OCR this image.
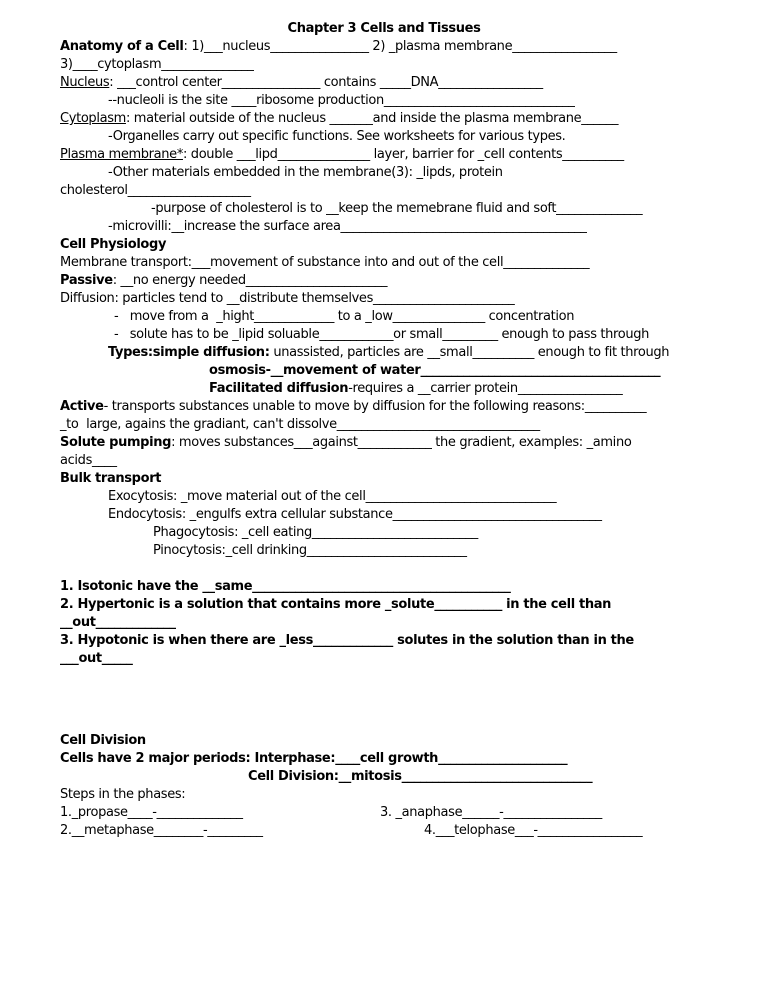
Chapter 3 Cells and Tissues
Anatomy of a Cell: 1)___nucleus________________ 2) _plasma membrane_________________
3)____cytoplasm_______________
Nucleus: ___control center________________ contains _____DNA_________________
--nucleoli is the site ____ribosome production_______________________________
Cytoplasm: material outside of the nucleus _______and inside the plasma membrane______
-Organelles carry out specific functions. See worksheets for various types.
Plasma membrane*: double ___lipd_______________ layer, barrier for _cell contents__________
-Other materials embedded in the membrane(3): _lipds, protein
cholesterol____________________
-purpose of cholesterol is to __keep the memebrane fluid and soft______________
-microvilli:__increase the surface area________________________________________
Cell Physiology
Membrane transport:___movement of substance into and out of the cell______________
Passive: __no energy needed_______________________
Diffusion: particles tend to __distribute themselves_______________________
-   move from a  _hight_____________ to a _low_______________ concentration
-   solute has to be _lipid soluable____________or small_________ enough to pass through
Types:simple diffusion: unassisted, particles are __small__________ enough to fit through
osmosis-__movement of water_______________________________________
Facilitated diffusion-requires a __carrier protein_________________
Active- transports substances unable to move by diffusion for the following reasons:__________
_to  large, agains the gradiant, can't dissolve_________________________________
Solute pumping: moves substances___against____________ the gradient, examples: _amino
acids____
Bulk transport
Exocytosis: _move material out of the cell_______________________________
Endocytosis: _engulfs extra cellular substance__________________________________
Phagocytosis: _cell eating___________________________
Pinocytosis:_cell drinking__________________________
1. Isotonic have the __same__________________________________________
2. Hypertonic is a solution that contains more _solute___________ in the cell than
__out_____________
3. Hypotonic is when there are _less_____________ solutes in the solution than in the
___out_____
Cell Division
Cells have 2 major periods: Interphase:____cell growth_____________________
Cell Division:__mitosis_______________________________
Steps in the phases:
1._propase____-______________	3. _anaphase______-________________
2.__metaphase________-_________	4.___telophase___-_________________
